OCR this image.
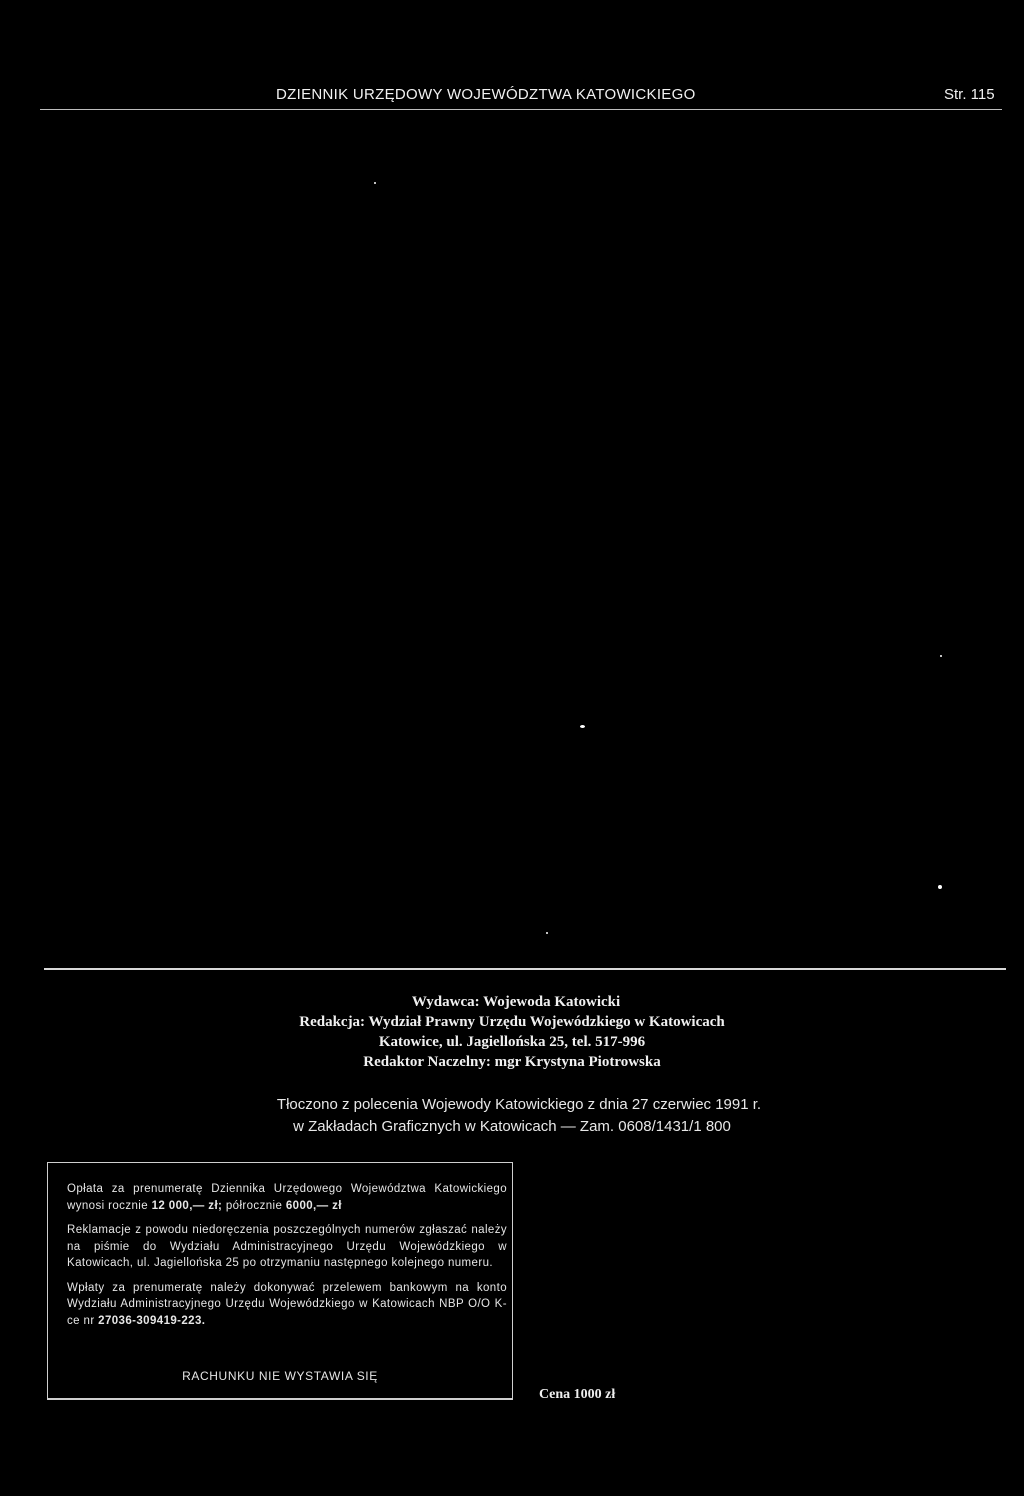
DZIENNIK URZĘDOWY WOJEWÓDZTWA KATOWICKIEGO	Str. 115
Wydawca: Wojewoda Katowicki
Redakcja: Wydział Prawny Urzędu Wojewódzkiego w Katowicach
Katowice, ul. Jagiellońska 25, tel. 517-996
Redaktor Naczelny: mgr Krystyna Piotrowska
Tłoczono z polecenia Wojewody Katowickiego z dnia 27 czerwiec 1991 r.
w Zakładach Graficznych w Katowicach — Zam. 0608/1431/1 800

Opłata za prenumeratę Dziennika Urzędowego Województwa Katowickiego wynosi rocznie 12 000,— zł; półrocznie 6000,— zł

Reklamacje z powodu niedoręczenia poszczególnych numerów zgłaszać należy na piśmie do Wydziału Administracyjnego Urzędu Wojewódzkiego w Katowicach, ul. Jagiellońska 25 po otrzymaniu następnego kolejnego numeru.

Wpłaty za prenumeratę należy dokonywać przelewem bankowym na konto Wydziału Administracyjnego Urzędu Wojewódzkiego w Katowicach NBP O/O K-ce nr 27036-309419-223.

RACHUNKU NIE WYSTAWIA SIĘ
Cena 1000 zł
